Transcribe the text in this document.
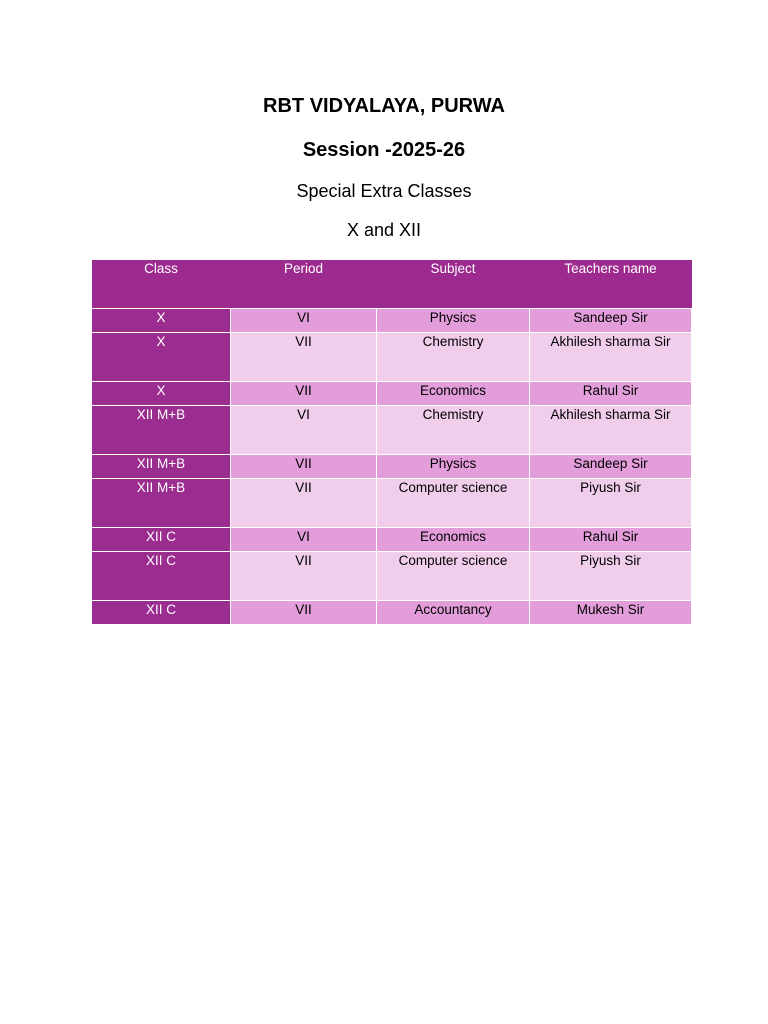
RBT VIDYALAYA, PURWA
Session -2025-26
Special Extra Classes
X and XII
Class	Period	Subject	Teachers name
X	VI	Physics	Sandeep Sir
X	VII	Chemistry	Akhilesh sharma Sir
X	VII	Economics	Rahul Sir
XII M+B	VI	Chemistry	Akhilesh sharma Sir
XII M+B	VII	Physics	Sandeep Sir
XII M+B	VII	Computer science	Piyush Sir
XII C	VI	Economics	Rahul Sir
XII C	VII	Computer science	Piyush Sir
XII C	VII	Accountancy	Mukesh Sir
